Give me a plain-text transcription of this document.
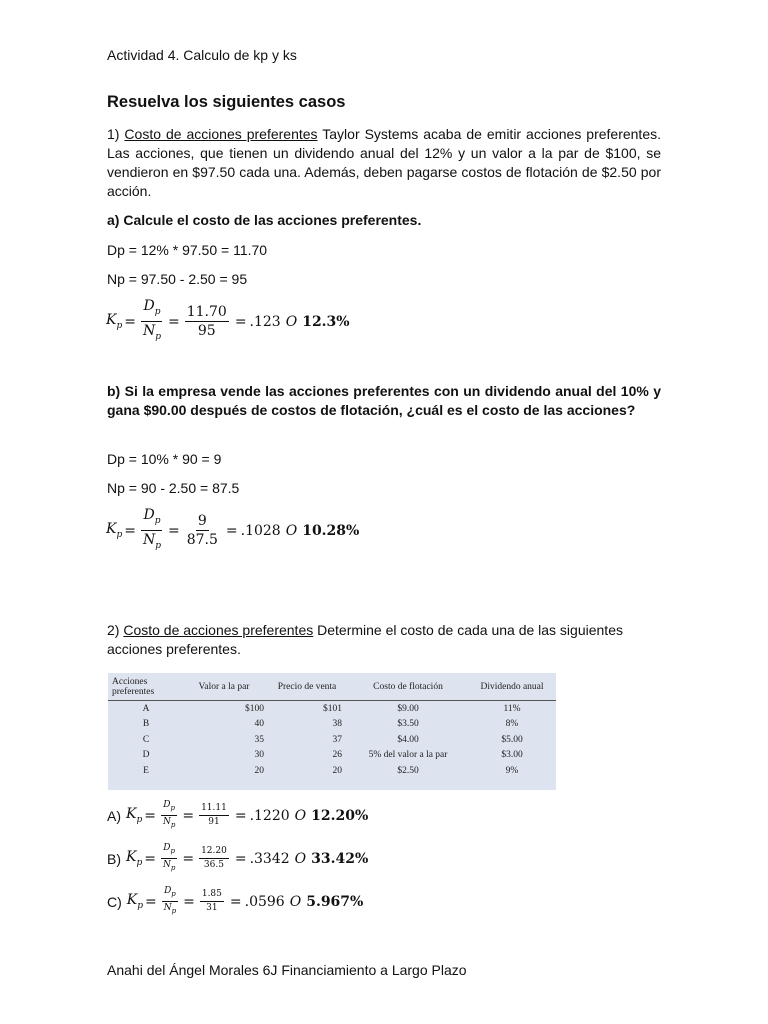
Actividad 4. Calculo de kp y ks
Resuelva los siguientes casos
1) Costo de acciones preferentes Taylor Systems acaba de emitir acciones preferentes. Las acciones, que tienen un dividendo anual del 12% y un valor a la par de $100, se vendieron en $97.50 cada una. Además, deben pagarse costos de flotación de $2.50 por acción.
a) Calcule el costo de las acciones preferentes.
Dp = 12% * 97.50 = 11.70
Np = 97.50 - 2.50 = 95
$K_p = \frac{D_p}{N_p} = \frac{11.70}{95} = .123$ O 12.3%
b) Si la empresa vende las acciones preferentes con un dividendo anual del 10% y gana $90.00 después de costos de flotación, ¿cuál es el costo de las acciones?
Dp = 10% * 90 = 9
Np = 90 - 2.50 = 87.5
$K_p = \frac{D_p}{N_p} = \frac{9}{87.5} = .1028$ O 10.28%
2) Costo de acciones preferentes Determine el costo de cada una de las siguientes acciones preferentes.
Acciones preferentes	Valor a la par	Precio de venta	Costo de flotación	Dividendo anual
A	$100	$101	$9.00	11%
B	40	38	$3.50	8%
C	35	37	$4.00	$5.00
D	30	26	5% del valor a la par	$3.00
E	20	20	$2.50	9%
A) $K_p = \frac{D_p}{N_p} = \frac{11.11}{91} = .1220$ O 12.20%
B) $K_p = \frac{D_p}{N_p} = \frac{12.20}{36.5} = .3342$ O 33.42%
C) $K_p = \frac{D_p}{N_p} = \frac{1.85}{31} = .0596$ O 5.967%
Anahi del Ángel Morales 6J Financiamiento a Largo Plazo
